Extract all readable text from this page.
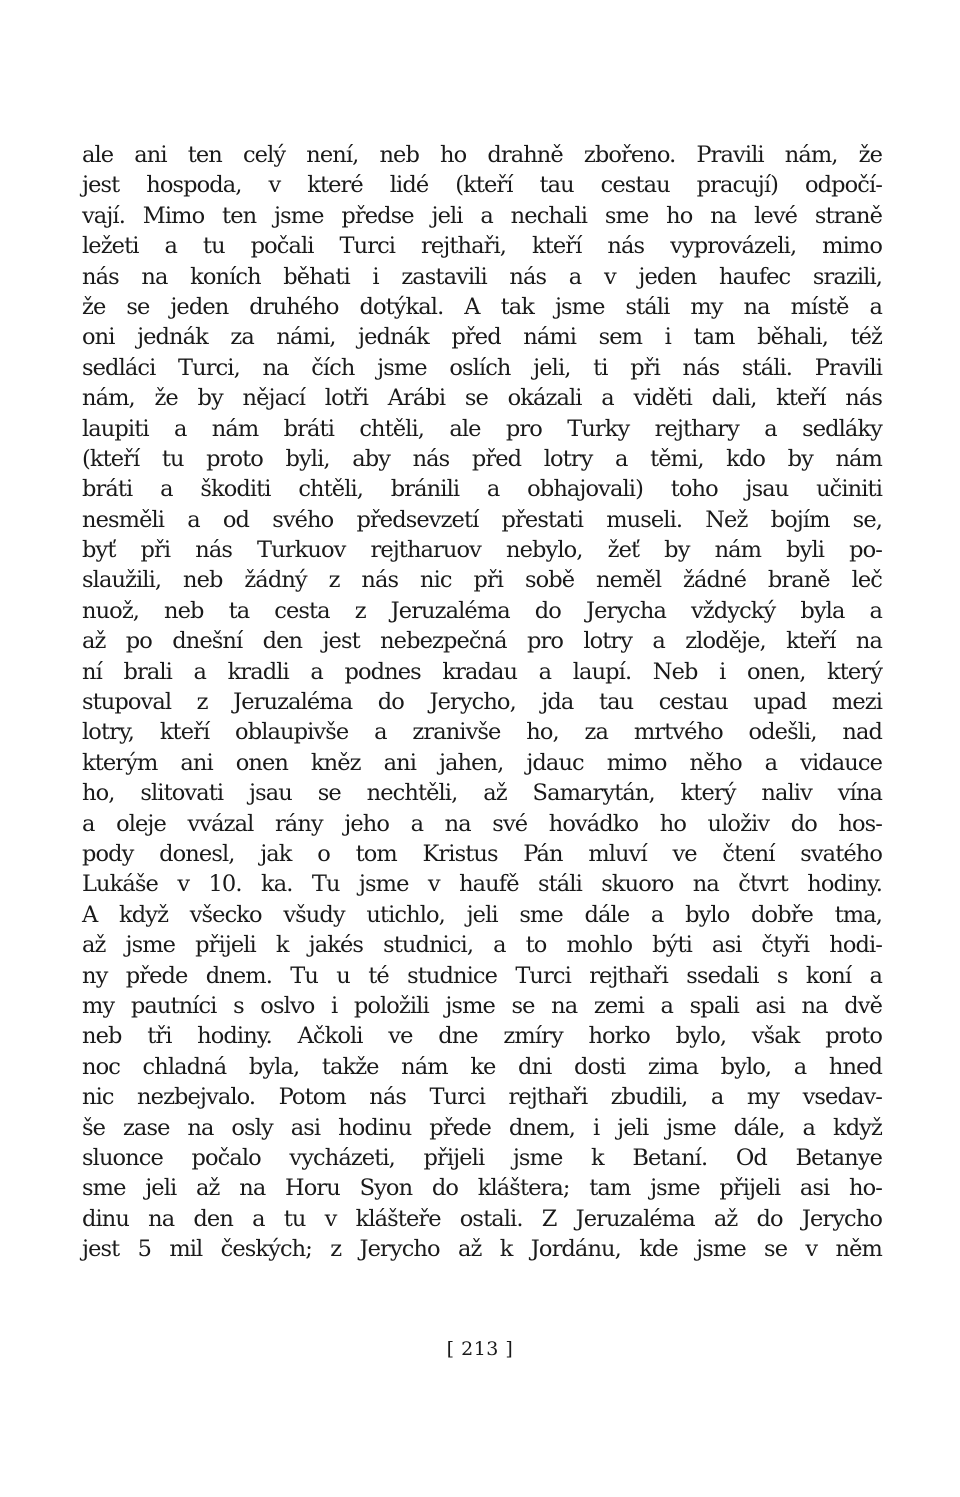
ale ani ten celý není, neb ho drahně zbořeno. Pravili nám, že
jest hospoda, v které lidé (kteří tau cestau pracují) odpočí-
vají. Mimo ten jsme předse jeli a nechali sme ho na levé straně
ležeti a tu počali Turci rejthaři, kteří nás vyprovázeli, mimo
nás na koních běhati i zastavili nás a v jeden haufec srazili,
že se jeden druhého dotýkal. A tak jsme stáli my na místě a
oni jednák za námi, jednák před námi sem i tam běhali, též
sedláci Turci, na čích jsme oslích jeli, ti při nás stáli. Pravili
nám, že by nějací lotři Arábi se okázali a viděti dali, kteří nás
laupiti a nám bráti chtěli, ale pro Turky rejthary a sedláky
(kteří tu proto byli, aby nás před lotry a těmi, kdo by nám
bráti a škoditi chtěli, bránili a obhajovali) toho jsau učiniti
nesměli a od svého předsevzetí přestati museli. Než bojím se,
byť při nás Turkuov rejtharuov nebylo, žeť by nám byli po-
slaužili, neb žádný z nás nic při sobě neměl žádné braně leč
nuož, neb ta cesta z Jeruzaléma do Jerycha vždycký byla a
až po dnešní den jest nebezpečná pro lotry a zloděje, kteří na
ní brali a kradli a podnes kradau a laupí. Neb i onen, který
stupoval z Jeruzaléma do Jerycho, jda tau cestau upad mezi
lotry, kteří oblaupivše a zranivše ho, za mrtvého odešli, nad
kterým ani onen kněz ani jahen, jdauc mimo něho a vidauce
ho, slitovati jsau se nechtěli, až Samarytán, který naliv vína
a oleje vvázal rány jeho a na své hovádko ho uloživ do hos-
pody donesl, jak o tom Kristus Pán mluví ve čtení svatého
Lukáše v 10. ka. Tu jsme v haufě stáli skuoro na čtvrt hodiny.
A když všecko všudy utichlo, jeli sme dále a bylo dobře tma,
až jsme přijeli k jakés studnici, a to mohlo býti asi čtyři hodi-
ny přede dnem. Tu u té studnice Turci rejthaři ssedali s koní a
my pautníci s oslvo i položili jsme se na zemi a spali asi na dvě
neb tři hodiny. Ačkoli ve dne zmíry horko bylo, však proto
noc chladná byla, takže nám ke dni dosti zima bylo, a hned
nic nezbejvalo. Potom nás Turci rejthaři zbudili, a my vsedav-
še zase na osly asi hodinu přede dnem, i jeli jsme dále, a když
sluonce počalo vycházeti, přijeli jsme k Betaní. Od Betanye
sme jeli až na Horu Syon do kláštera; tam jsme přijeli asi ho-
dinu na den a tu v klášteře ostali. Z Jeruzaléma až do Jerycho
jest 5 mil českých; z Jerycho až k Jordánu, kde jsme se v něm
[ 213 ]
